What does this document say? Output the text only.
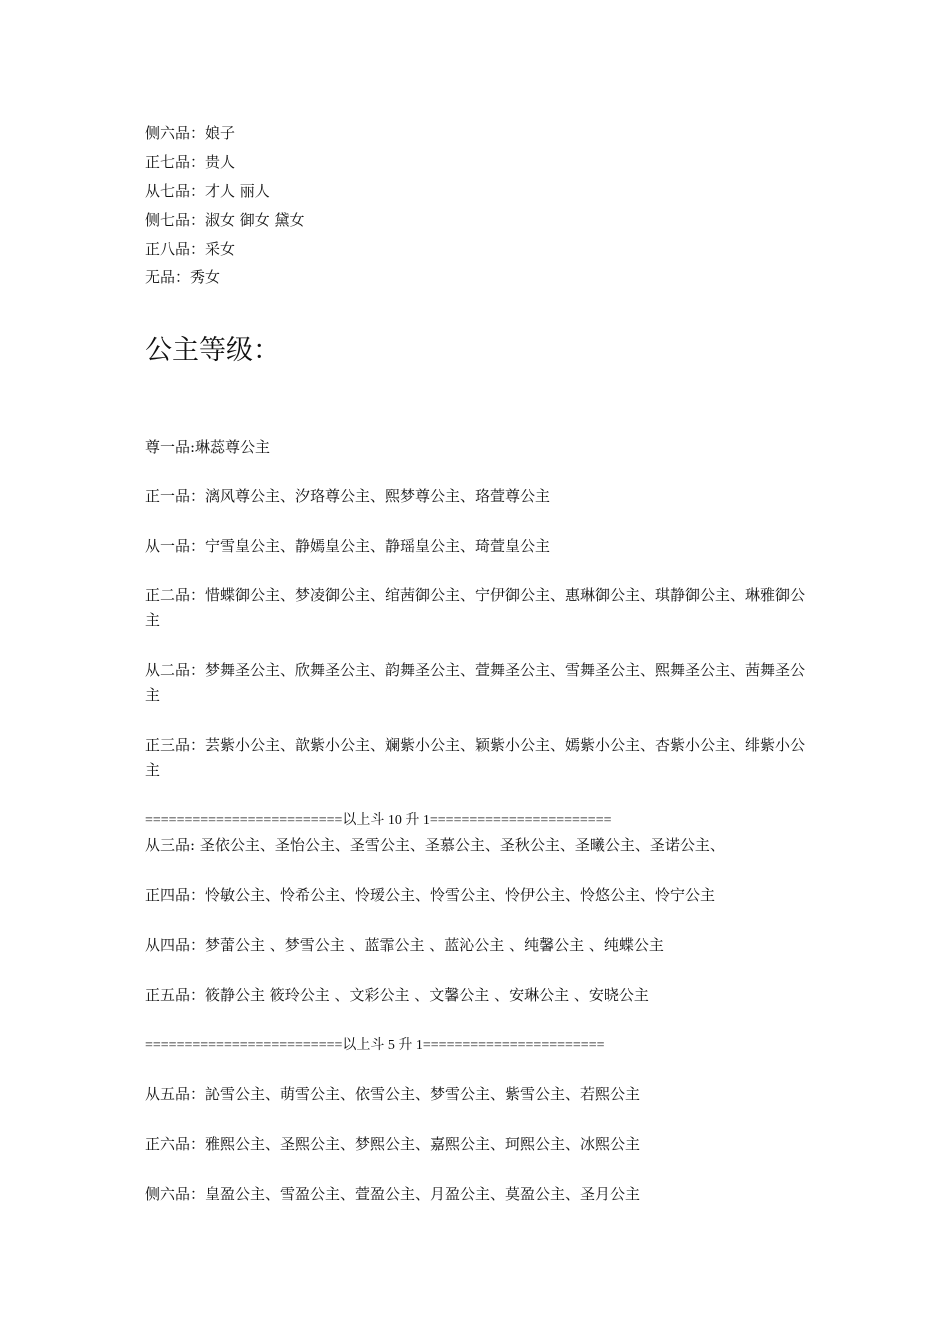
侧六品：娘子
正七品：贵人
从七品：才人 丽人
侧七品：淑女 御女 黛女
正八品：采女
无品：秀女
公主等级：
尊一品:琳蕊尊公主
正一品：漓风尊公主、汐珞尊公主、熙梦尊公主、珞萱尊公主
从一品：宁雪皇公主、静嫣皇公主、静瑶皇公主、琦萱皇公主
正二品：惜蝶御公主、梦凌御公主、绾茜御公主、宁伊御公主、惠琳御公主、琪静御公主、琳雅御公主
从二品：梦舞圣公主、欣舞圣公主、韵舞圣公主、萱舞圣公主、雪舞圣公主、熙舞圣公主、茜舞圣公主
正三品：芸紫小公主、歆紫小公主、斓紫小公主、颖紫小公主、嫣紫小公主、杏紫小公主、绯紫小公主
=========================以上斗 10 升 1=======================
从三品: 圣依公主、圣怡公主、圣雪公主、圣慕公主、圣秋公主、圣曦公主、圣诺公主、
正四品：怜敏公主、怜希公主、怜瑷公主、怜雪公主、怜伊公主、怜悠公主、怜宁公主
从四品：梦蕾公主 、梦雪公主 、蓝霏公主 、蓝沁公主 、纯馨公主 、纯蝶公主
正五品：筱静公主 筱玲公主 、文彩公主 、文馨公主 、安琳公主 、安晓公主
=========================以上斗 5 升 1=======================
从五品：訫雪公主、萌雪公主、依雪公主、梦雪公主、紫雪公主、若熙公主
正六品：雅熙公主、圣熙公主、梦熙公主、嘉熙公主、珂熙公主、冰熙公主
侧六品：皇盈公主、雪盈公主、萱盈公主、月盈公主、莫盈公主、圣月公主
